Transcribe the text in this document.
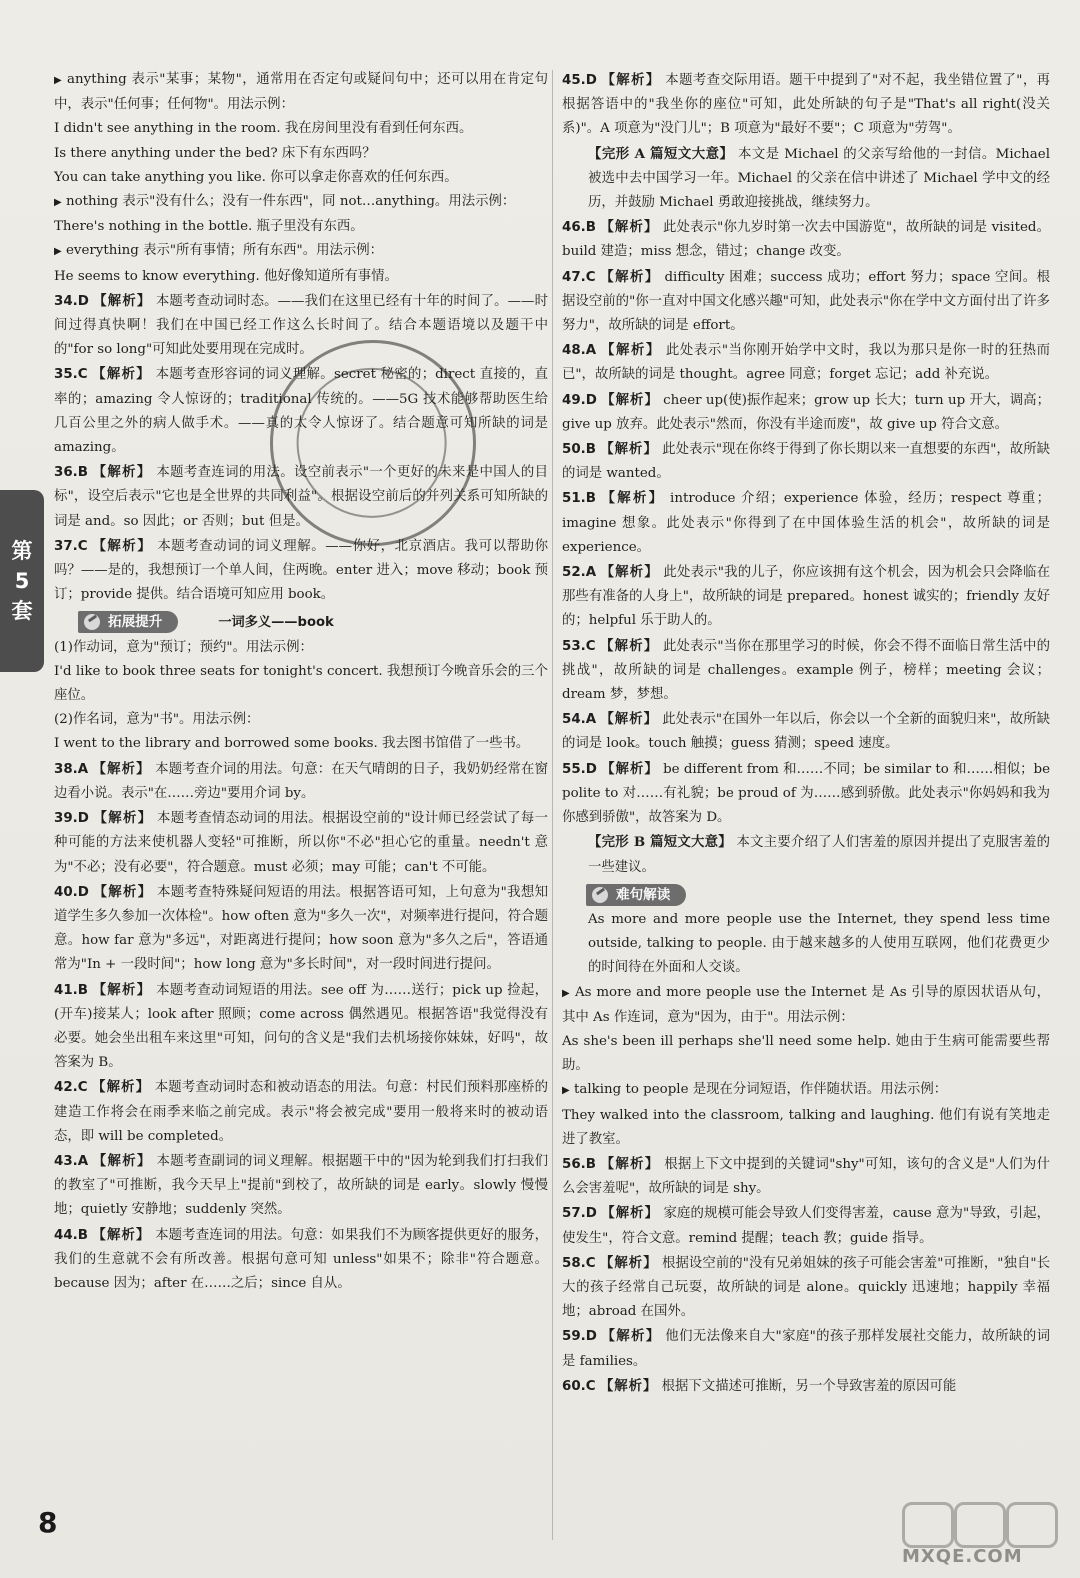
▶ anything 表示"某事；某物"，通常用在否定句或疑问句中；还可以用在肯定句中，表示"任何事；任何物"。用法示例：

I didn't see anything in the room. 我在房间里没有看到任何东西。

Is there anything under the bed? 床下有东西吗？

You can take anything you like. 你可以拿走你喜欢的任何东西。

▶ nothing 表示"没有什么；没有一件东西"，同 not…anything。用法示例：

There's nothing in the bottle. 瓶子里没有东西。

▶ everything 表示"所有事情；所有东西"。用法示例：

He seems to know everything. 他好像知道所有事情。

34.D 【解析】 本题考查动词时态。——我们在这里已经有十年的时间了。——时间过得真快啊！我们在中国已经工作这么长时间了。结合本题语境以及题干中的"for so long"可知此处要用现在完成时。

35.C 【解析】 本题考查形容词的词义理解。secret 秘密的；direct 直接的，直率的；amazing 令人惊讶的；traditional 传统的。——5G 技术能够帮助医生给几百公里之外的病人做手术。——真的太令人惊讶了。结合题意可知所缺的词是 amazing。

36.B 【解析】 本题考查连词的用法。设空前表示"一个更好的未来是中国人的目标"，设空后表示"它也是全世界的共同利益"。根据设空前后的并列关系可知所缺的词是 and。so 因此；or 否则；but 但是。

37.C 【解析】 本题考查动词的词义理解。——你好，北京酒店。我可以帮助你吗？——是的，我想预订一个单人间，住两晚。enter 进入；move 移动；book 预订；provide 提供。结合语境可知应用 book。

拓展提升	一词多义——book

(1)作动词，意为"预订；预约"。用法示例：

I'd like to book three seats for tonight's concert. 我想预订今晚音乐会的三个座位。

(2)作名词，意为"书"。用法示例：

I went to the library and borrowed some books. 我去图书馆借了一些书。

38.A 【解析】 本题考查介词的用法。句意：在天气晴朗的日子，我奶奶经常在窗边看小说。表示"在……旁边"要用介词 by。

39.D 【解析】 本题考查情态动词的用法。根据设空前的"设计师已经尝试了每一种可能的方法来使机器人变轻"可推断，所以你"不必"担心它的重量。needn't 意为"不必；没有必要"，符合题意。must 必须；may 可能；can't 不可能。

40.D 【解析】 本题考查特殊疑问短语的用法。根据答语可知，上句意为"我想知道学生多久参加一次体检"。how often 意为"多久一次"，对频率进行提问，符合题意。how far 意为"多远"，对距离进行提问；how soon 意为"多久之后"，答语通常为"In + 一段时间"；how long 意为"多长时间"，对一段时间进行提问。

41.B 【解析】 本题考查动词短语的用法。see off 为……送行；pick up 捡起，(开车)接某人；look after 照顾；come across 偶然遇见。根据答语"我觉得没有必要。她会坐出租车来这里"可知，问句的含义是"我们去机场接你妹妹，好吗"，故答案为 B。

42.C 【解析】 本题考查动词时态和被动语态的用法。句意：村民们预料那座桥的建造工作将会在雨季来临之前完成。表示"将会被完成"要用一般将来时的被动语态，即 will be completed。

43.A 【解析】 本题考查副词的词义理解。根据题干中的"因为轮到我们打扫我们的教室了"可推断，我今天早上"提前"到校了，故所缺的词是 early。slowly 慢慢地；quietly 安静地；suddenly 突然。

44.B 【解析】 本题考查连词的用法。句意：如果我们不为顾客提供更好的服务，我们的生意就不会有所改善。根据句意可知 unless"如果不；除非"符合题意。because 因为；after 在……之后；since 自从。

45.D 【解析】 本题考查交际用语。题干中提到了"对不起，我坐错位置了"，再根据答语中的"我坐你的座位"可知，此处所缺的句子是"That's all right(没关系)"。A 项意为"没门儿"；B 项意为"最好不要"；C 项意为"劳驾"。

【完形 A 篇短文大意】 本文是 Michael 的父亲写给他的一封信。Michael 被选中去中国学习一年。Michael 的父亲在信中讲述了 Michael 学中文的经历，并鼓励 Michael 勇敢迎接挑战，继续努力。

46.B 【解析】 此处表示"你九岁时第一次去中国游览"，故所缺的词是 visited。build 建造；miss 想念，错过；change 改变。

47.C 【解析】 difficulty 困难；success 成功；effort 努力；space 空间。根据设空前的"你一直对中国文化感兴趣"可知，此处表示"你在学中文方面付出了许多努力"，故所缺的词是 effort。

48.A 【解析】 此处表示"当你刚开始学中文时，我以为那只是你一时的狂热而已"，故所缺的词是 thought。agree 同意；forget 忘记；add 补充说。

49.D 【解析】 cheer up(使)振作起来；grow up 长大；turn up 开大，调高；give up 放弃。此处表示"然而，你没有半途而废"，故 give up 符合文意。

50.B 【解析】 此处表示"现在你终于得到了你长期以来一直想要的东西"，故所缺的词是 wanted。

51.B 【解析】 introduce 介绍；experience 体验，经历；respect 尊重；imagine 想象。此处表示"你得到了在中国体验生活的机会"，故所缺的词是 experience。

52.A 【解析】 此处表示"我的儿子，你应该拥有这个机会，因为机会只会降临在那些有准备的人身上"，故所缺的词是 prepared。honest 诚实的；friendly 友好的；helpful 乐于助人的。

53.C 【解析】 此处表示"当你在那里学习的时候，你会不得不面临日常生活中的挑战"，故所缺的词是 challenges。example 例子，榜样；meeting 会议；dream 梦，梦想。

54.A 【解析】 此处表示"在国外一年以后，你会以一个全新的面貌归来"，故所缺的词是 look。touch 触摸；guess 猜测；speed 速度。

55.D 【解析】 be different from 和……不同；be similar to 和……相似；be polite to 对……有礼貌；be proud of 为……感到骄傲。此处表示"你妈妈和我为你感到骄傲"，故答案为 D。

【完形 B 篇短文大意】 本文主要介绍了人们害羞的原因并提出了克服害羞的一些建议。

难句解读

As more and more people use the Internet, they spend less time outside, talking to people. 由于越来越多的人使用互联网，他们花费更少的时间待在外面和人交谈。

▶ As more and more people use the Internet 是 As 引导的原因状语从句，其中 As 作连词，意为"因为，由于"。用法示例：

As she's been ill perhaps she'll need some help. 她由于生病可能需要些帮助。

▶ talking to people 是现在分词短语，作伴随状语。用法示例：

They walked into the classroom, talking and laughing. 他们有说有笑地走进了教室。

56.B 【解析】 根据上下文中提到的关键词"shy"可知，该句的含义是"人们为什么会害羞呢"，故所缺的词是 shy。

57.D 【解析】 家庭的规模可能会导致人们变得害羞，cause 意为"导致，引起，使发生"，符合文意。remind 提醒；teach 教；guide 指导。

58.C 【解析】 根据设空前的"没有兄弟姐妹的孩子可能会害羞"可推断，"独自"长大的孩子经常自己玩耍，故所缺的词是 alone。quickly 迅速地；happily 幸福地；abroad 在国外。

59.D 【解析】 他们无法像来自大"家庭"的孩子那样发展社交能力，故所缺的词是 families。

60.C 【解析】 根据下文描述可推断，另一个导致害羞的原因可能

第
5
套
8
MXQE.COM
